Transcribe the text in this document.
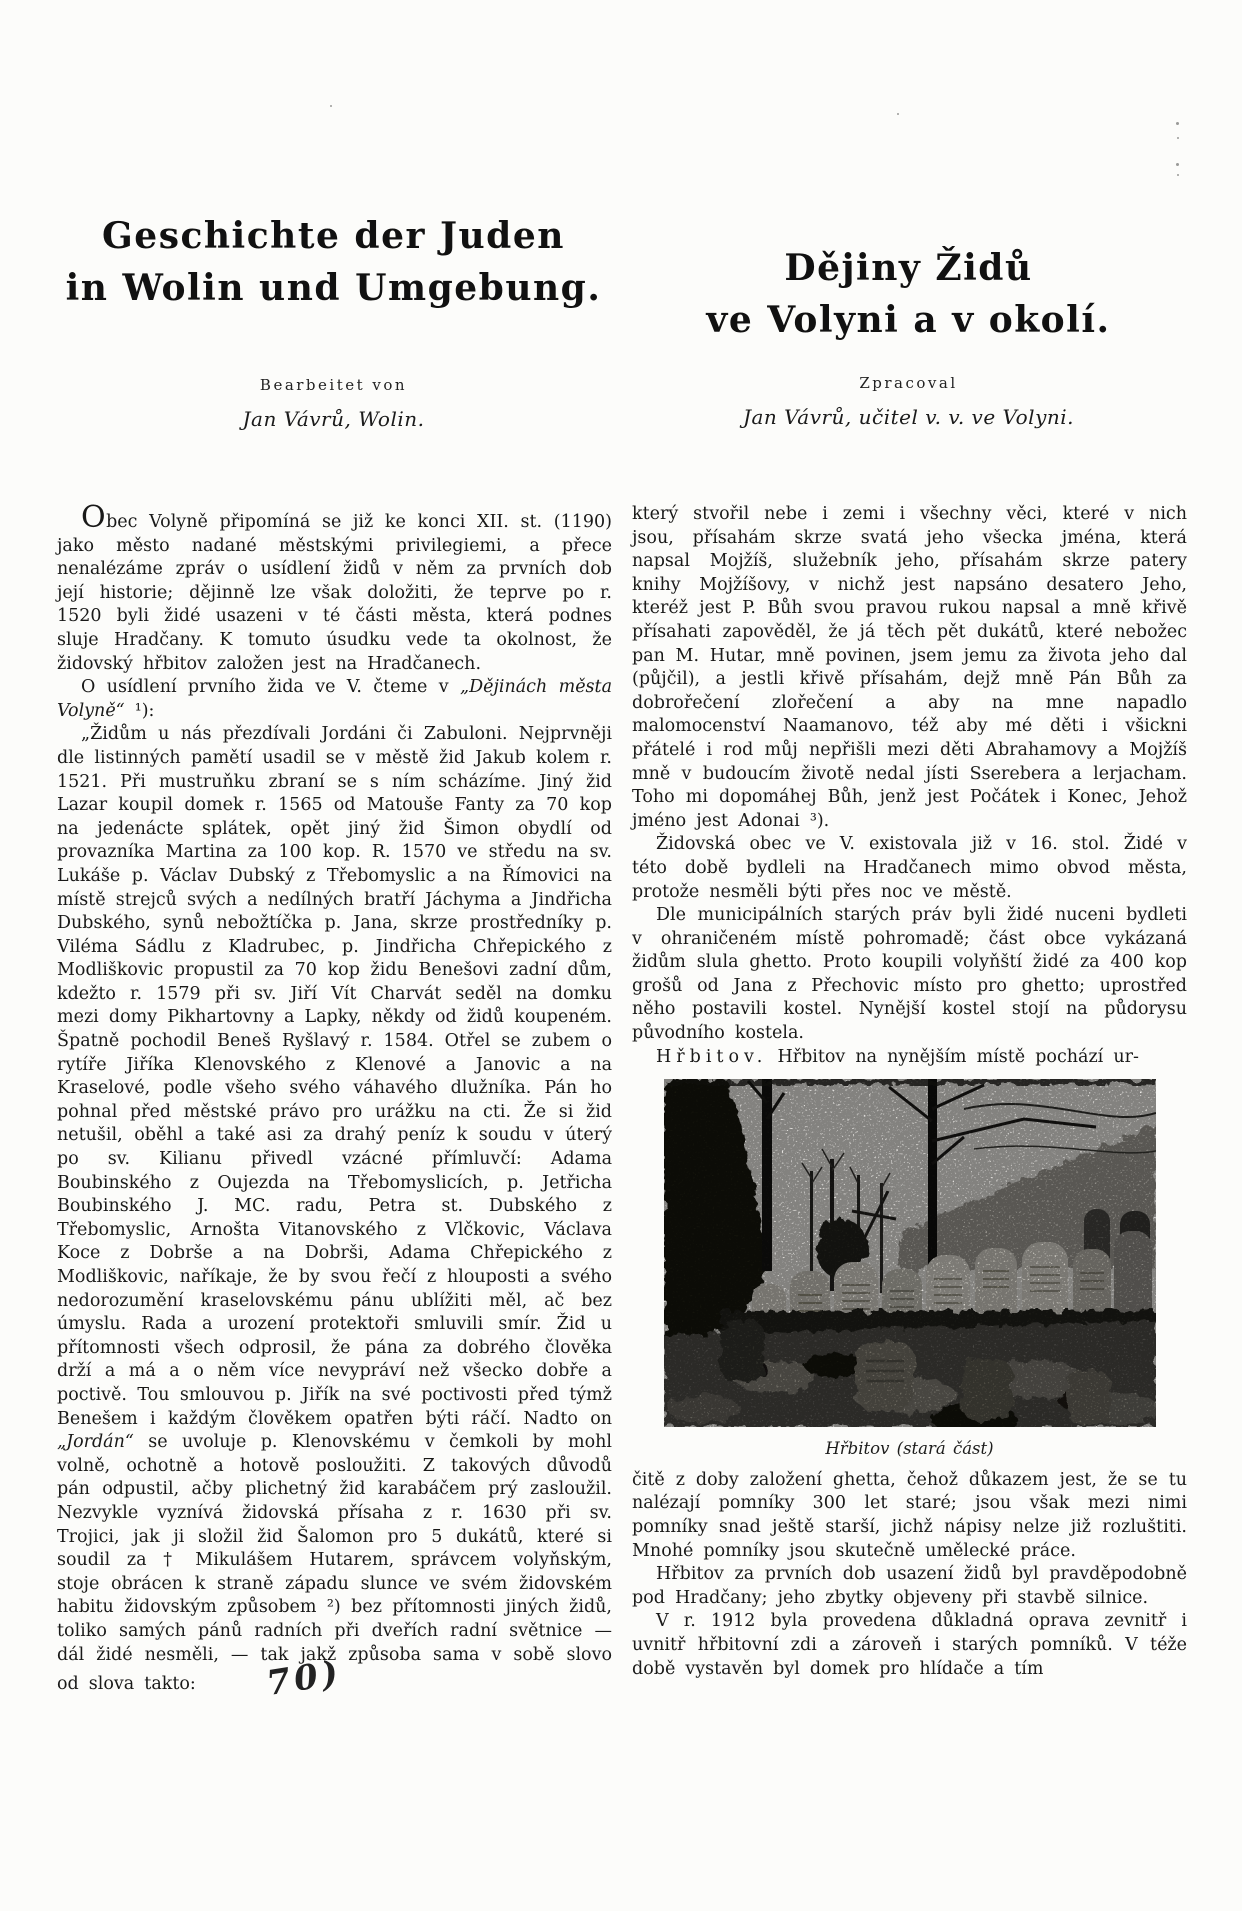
Geschichte der Juden
in Wolin und Umgebung.
Bearbeitet von
Jan Vávrů, Wolin.
Dějiny Židů
ve Volyni a v okolí.
Zpracoval
Jan Vávrů, učitel v. v. ve Volyni.

Obec Volyně připomíná se již ke konci XII. st. (1190) jako město nadané městskými privilegiemi, a přece nenalézáme zpráv o usídlení židů v něm za prvních dob její historie; dějinně lze však doložiti, že teprve po r. 1520 byli židé usazeni v té části města, která podnes sluje Hradčany. K tomuto úsudku vede ta okolnost, že židovský hřbitov založen jest na Hradčanech.

O usídlení prvního žida ve V. čteme v „Dějinách města Volyně“ ¹):

„Židům u nás přezdívali Jordáni či Zabuloni. Nejprvněji dle listinných pamětí usadil se v městě žid Jakub kolem r. 1521. Při mustruňku zbraní se s ním scházíme. Jiný žid Lazar koupil domek r. 1565 od Matouše Fanty za 70 kop na jedenácte splátek, opět jiný žid Šimon obydlí od provazníka Martina za 100 kop. R. 1570 ve středu na sv. Lukáše p. Václav Dubský z Třebomyslic a na Římovici na místě strejců svých a nedílných bratří Jáchyma a Jindřicha Dubského, synů nebožtíčka p. Jana, skrze prostředníky p. Viléma Sádlu z Kladrubec, p. Jindřicha Chřepického z Modliškovic propustil za 70 kop židu Benešovi zadní dům, kdežto r. 1579 při sv. Jiří Vít Charvát seděl na domku mezi domy Pikhartovny a Lapky, někdy od židů koupeném. Špatně pochodil Beneš Ryšlavý r. 1584. Otřel se zubem o rytíře Jiříka Klenovského z Klenové a Janovic a na Kraselové, podle všeho svého váhavého dlužníka. Pán ho pohnal před městské právo pro urážku na cti. Že si žid netušil, oběhl a také asi za drahý peníz k soudu v úterý po sv. Kilianu přivedl vzácné přímluvčí: Adama Boubinského z Oujezda na Třebomyslicích, p. Jetřicha Boubinského J. MC. radu, Petra st. Dubského z Třebomyslic, Arnošta Vitanovského z Vlčkovic, Václava Koce z Dobrše a na Dobrši, Adama Chřepického z Modliškovic, naříkaje, že by svou řečí z hlouposti a svého nedorozumění kraselovskému pánu ublížiti měl, ač bez úmyslu. Rada a urození protektoři smluvili smír. Žid u přítomnosti všech odprosil, že pána za dobrého člověka drží a má a o něm více nevypráví než všecko dobře a poctivě. Tou smlouvou p. Jiřík na své poctivosti před týmž Benešem i každým člověkem opatřen býti ráčí. Nadto on „Jordán“ se uvoluje p. Klenovskému v čemkoli by mohl volně, ochotně a hotově posloužiti. Z takových důvodů pán odpustil, ačby plichetný žid karabáčem prý zasloužil. Nezvykle vyznívá židovská přísaha z r. 1630 při sv. Trojici, jak ji složil žid Šalomon pro 5 dukátů, které si soudil za † Mikulášem Hutarem, správcem volyňským, stoje obrácen k straně západu slunce ve svém židovském habitu židovským způsobem ²) bez přítomnosti jiných židů, toliko samých pánů radních při dveřích radní světnice — dál židé nesměli, — tak jakž způsoba sama v sobě slovo od slova takto: 70)

který stvořil nebe i zemi i všechny věci, které v nich jsou, přísahám skrze svatá jeho všecka jména, která napsal Mojžíš, služebník jeho, přísahám skrze patery knihy Mojžíšovy, v nichž jest napsáno desatero Jeho, kteréž jest P. Bůh svou pravou rukou napsal a mně křivě přísahati zapověděl, že já těch pět dukátů, které nebožec pan M. Hutar, mně povinen, jsem jemu za života jeho dal (půjčil), a jestli křivě přísahám, dejž mně Pán Bůh za dobrořečení zlořečení a aby na mne napadlo malomocenství Naamanovo, též aby mé děti i všickni přátelé i rod můj nepřišli mezi děti Abrahamovy a Mojžíš mně v budoucím životě nedal jísti Sserebera a lerjacham. Toho mi dopomáhej Bůh, jenž jest Počátek i Konec, Jehož jméno jest Adonai ³).

Židovská obec ve V. existovala již v 16. stol. Židé v této době bydleli na Hradčanech mimo obvod města, protože nesměli býti přes noc ve městě.

Dle municipálních starých práv byli židé nuceni bydleti v ohraničeném místě pohromadě; část obce vykázaná židům slula ghetto. Proto koupili volyňští židé za 400 kop grošů od Jana z Přechovic místo pro ghetto; uprostřed něho postavili kostel. Nynější kostel stojí na půdorysu původního kostela.

Hřbitov. Hřbitov na nynějším místě pochází ur-

Hřbitov (stará část)

čitě z doby založení ghetta, čehož důkazem jest, že se tu nalézají pomníky 300 let staré; jsou však mezi nimi pomníky snad ještě starší, jichž nápisy nelze již rozluštiti. Mnohé pomníky jsou skutečně umělecké práce.

Hřbitov za prvních dob usazení židů byl pravděpodobně pod Hradčany; jeho zbytky objeveny při stavbě silnice.

V r. 1912 byla provedena důkladná oprava zevnitř i uvnitř hřbitovní zdi a zároveň i starých pomníků. V téže době vystavěn byl domek pro hlídače a tím
